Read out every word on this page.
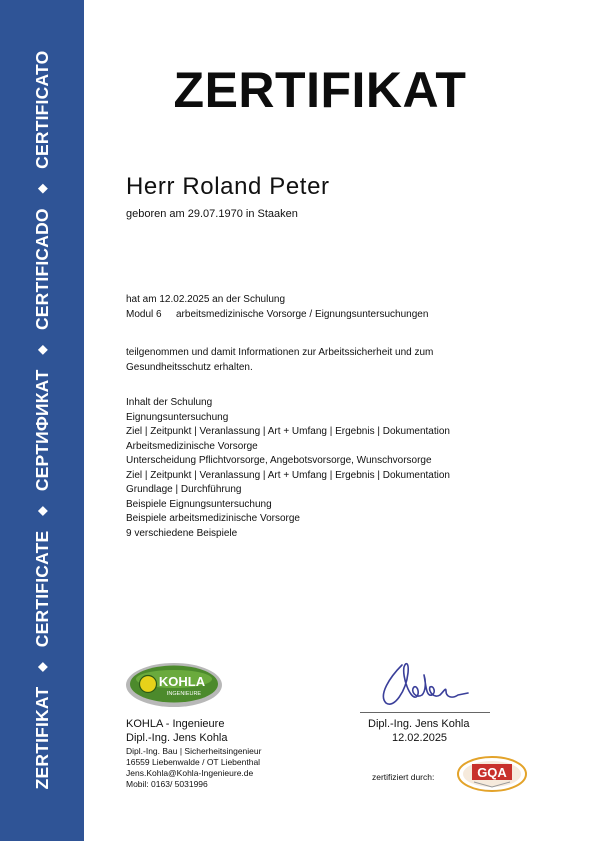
ZERTIFIKAT◆CERTIFICATE◆СЕРТИФИКАТ◆CERTIFICADO◆CERTIFICATO	ZERTIFIKAT
Herr Roland Peter
geboren am 29.07.1970 in Staaken
hat am 12.02.2025 an der Schulung
Modul 6 arbeitsmedizinische Vorsorge / Eignungsuntersuchungen
teilgenommen und damit Informationen zur Arbeitssicherheit und zum
Gesundheitsschutz erhalten.
Inhalt der Schulung
Eignungsuntersuchung
Ziel | Zeitpunkt | Veranlassung | Art + Umfang | Ergebnis | Dokumentation
Arbeitsmedizinische Vorsorge
Unterscheidung Pflichtvorsorge, Angebotsvorsorge, Wunschvorsorge
Ziel | Zeitpunkt | Veranlassung | Art + Umfang | Ergebnis | Dokumentation
Grundlage | Durchführung
Beispiele Eignungsuntersuchung
Beispiele arbeitsmedizinische Vorsorge
9 verschiedene Beispiele
KOHLA
INGENIEURE
KOHLA - Ingenieure
Dipl.-Ing. Jens Kohla
Dipl.-Ing. Bau | Sicherheitsingenieur
16559 Liebenwalde / OT Liebenthal
Jens.Kohla@Kohla-Ingenieure.de
Mobil: 0163/ 5031996
Dipl.-Ing. Jens Kohla
12.02.2025
zertifiziert durch:	GQA
